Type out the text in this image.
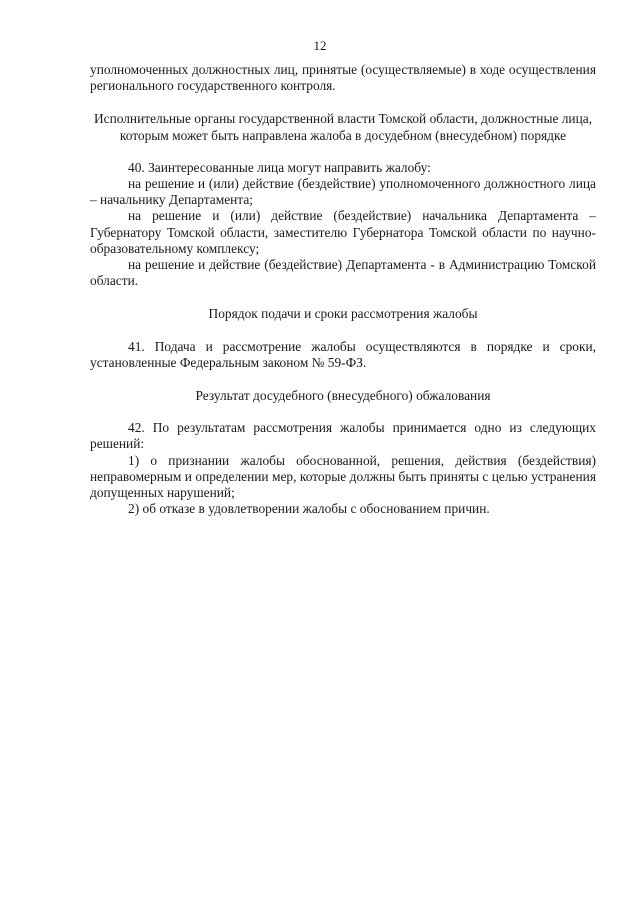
12

уполномоченных должностных лиц, принятые (осуществляемые) в ходе осуществления регионального государственного контроля.

Исполнительные органы государственной власти Томской области, должностные лица, которым может быть направлена жалоба в досудебном (внесудебном) порядке

40. Заинтересованные лица могут направить жалобу:

на решение и (или) действие (бездействие) уполномоченного должностного лица – начальнику Департамента;

на решение и (или) действие (бездействие) начальника Департамента – Губернатору Томской области, заместителю Губернатора Томской области по научно-образовательному комплексу;

на решение и действие (бездействие) Департамента - в Администрацию Томской области.

Порядок подачи и сроки рассмотрения жалобы

41. Подача и рассмотрение жалобы осуществляются в порядке и сроки, установленные Федеральным законом № 59-ФЗ.

Результат досудебного (внесудебного) обжалования

42. По результатам рассмотрения жалобы принимается одно из следующих решений:

1) о признании жалобы обоснованной, решения, действия (бездействия) неправомерным и определении мер, которые должны быть приняты с целью устранения допущенных нарушений;

2) об отказе в удовлетворении жалобы с обоснованием причин.
